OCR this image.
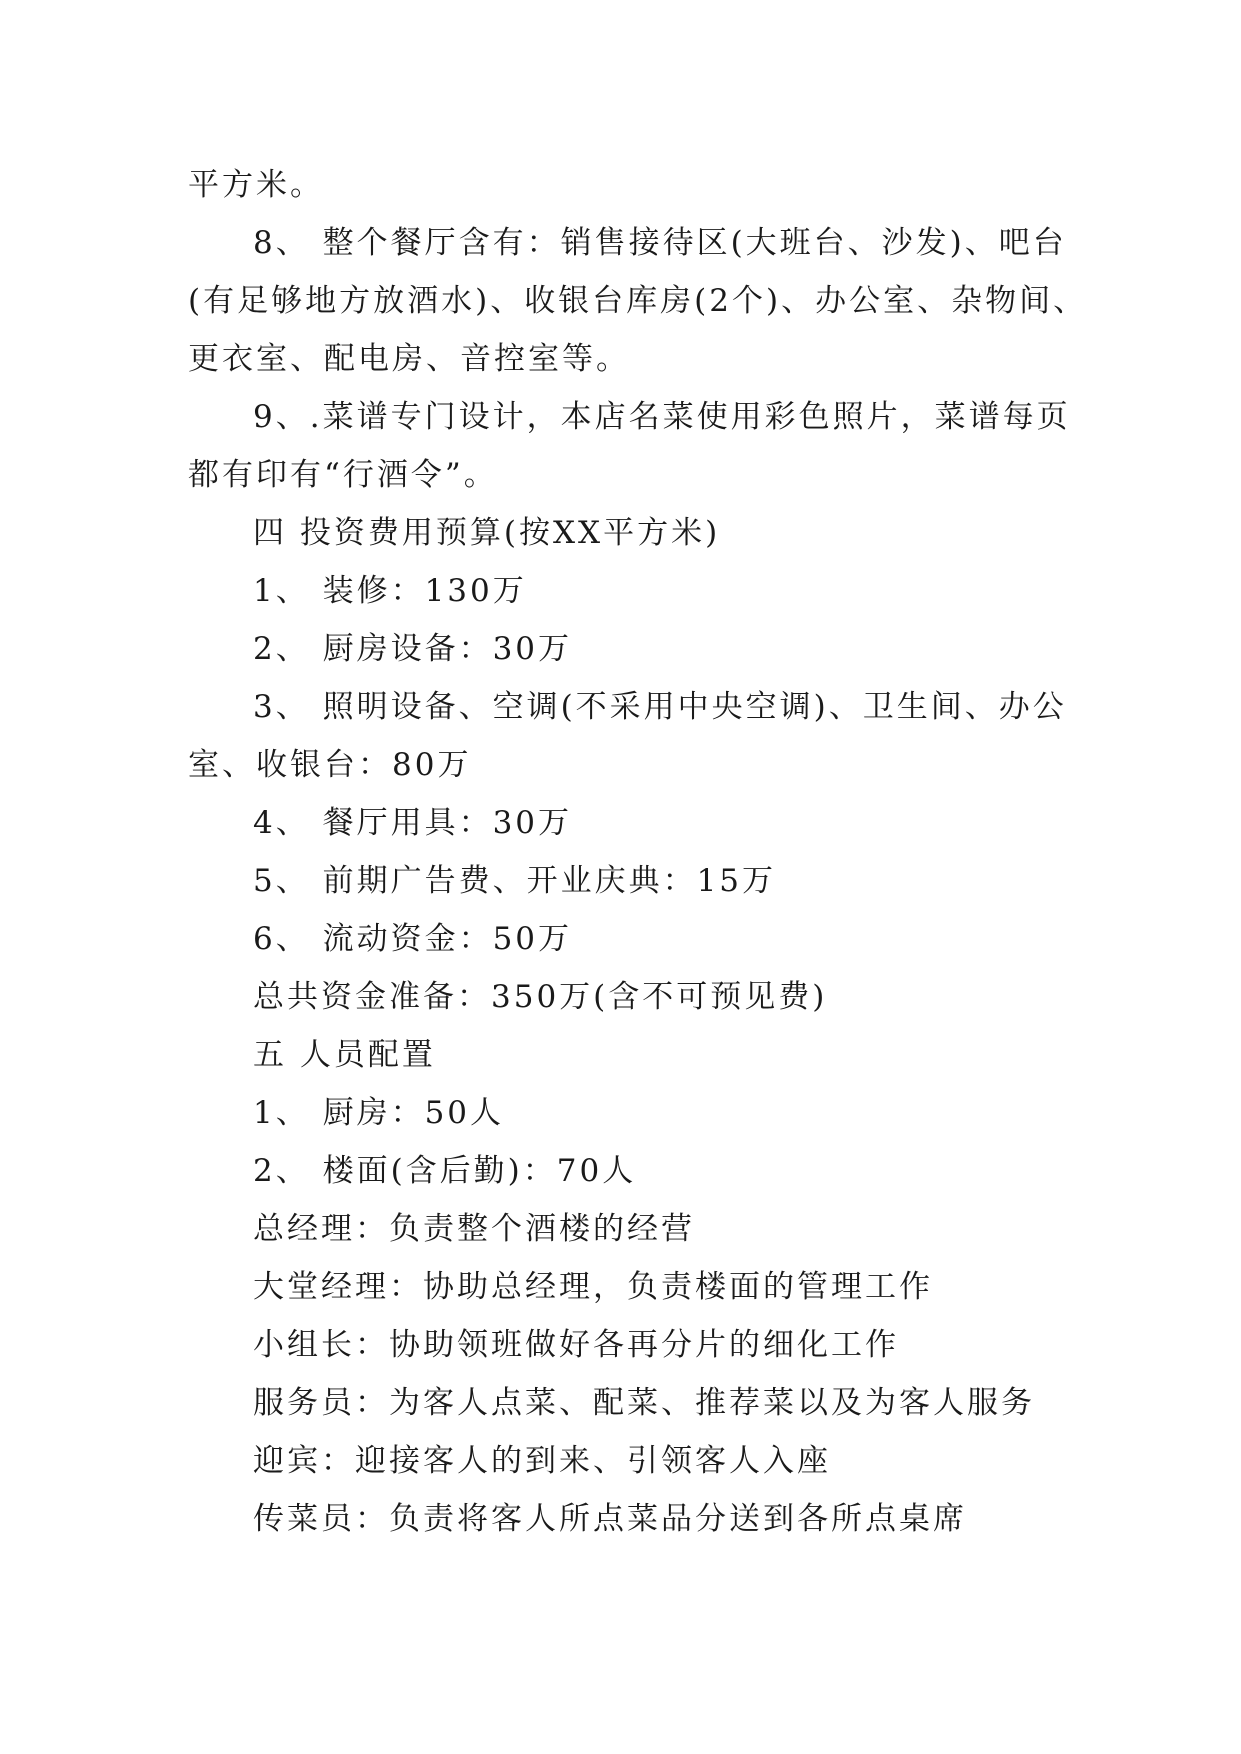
平方米。
8、 整个餐厅含有：销售接待区(大班台、沙发)、吧台
(有足够地方放酒水)、收银台库房(2个)、办公室、杂物间、
更衣室、配电房、音控室等。
9、.菜谱专门设计，本店名菜使用彩色照片，菜谱每页
都有印有“行酒令”。
四 投资费用预算(按XX平方米)
1、 装修：130万
2、 厨房设备：30万
3、 照明设备、空调(不采用中央空调)、卫生间、办公
室、收银台：80万
4、 餐厅用具：30万
5、 前期广告费、开业庆典：15万
6、 流动资金：50万
总共资金准备：350万(含不可预见费)
五 人员配置
1、 厨房：50人
2、 楼面(含后勤)：70人
总经理：负责整个酒楼的经营
大堂经理：协助总经理，负责楼面的管理工作
小组长：协助领班做好各再分片的细化工作
服务员：为客人点菜、配菜、推荐菜以及为客人服务
迎宾：迎接客人的到来、引领客人入座
传菜员：负责将客人所点菜品分送到各所点桌席
